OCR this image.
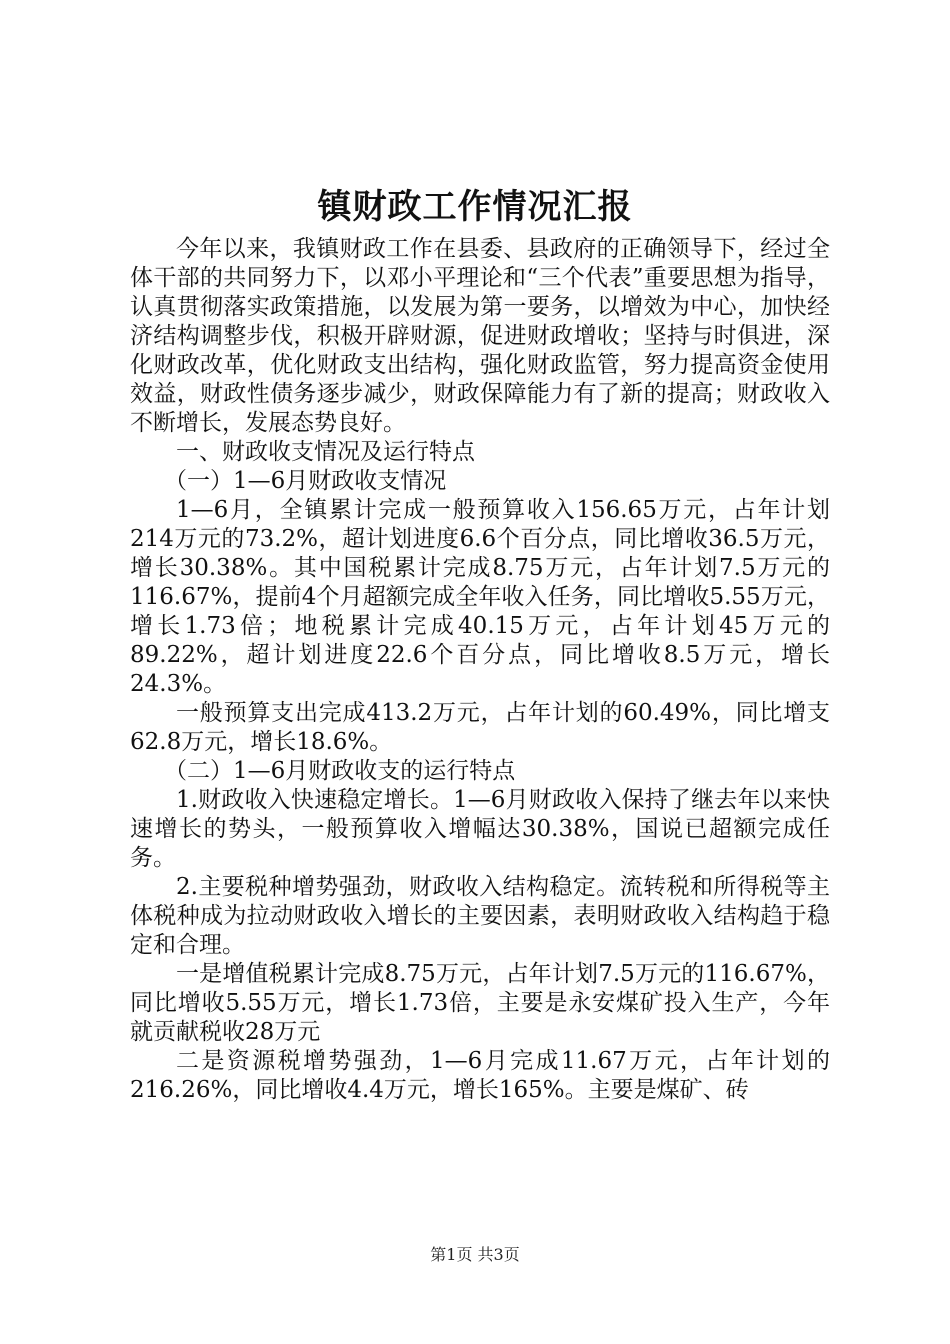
镇财政工作情况汇报

今年以来，我镇财政工作在县委、县政府的正确领导下，经过全体干部的共同努力下，以邓小平理论和“三个代表”重要思想为指导，认真贯彻落实政策措施，以发展为第一要务，以增效为中心，加快经济结构调整步伐，积极开辟财源，促进财政增收；坚持与时俱进，深化财政改革，优化财政支出结构，强化财政监管，努力提高资金使用效益，财政性债务逐步减少，财政保障能力有了新的提高；财政收入不断增长，发展态势良好。

一、财政收支情况及运行特点

（一）1—6月财政收支情况

1—6月，全镇累计完成一般预算收入156.65万元，占年计划214万元的73.2%，超计划进度6.6个百分点，同比增收36.5万元，增长30.38%。其中国税累计完成8.75万元，占年计划7.5万元的116.67%，提前4个月超额完成全年收入任务，同比增收5.55万元，增长1.73倍；地税累计完成40.15万元，占年计划45万元的89.22%，超计划进度22.6个百分点，同比增收8.5万元，增长24.3%。

一般预算支出完成413.2万元，占年计划的60.49%，同比增支62.8万元，增长18.6%。

（二）1—6月财政收支的运行特点

1.财政收入快速稳定增长。1—6月财政收入保持了继去年以来快速增长的势头，一般预算收入增幅达30.38%，国说已超额完成任务。

2.主要税种增势强劲，财政收入结构稳定。流转税和所得税等主体税种成为拉动财政收入增长的主要因素，表明财政收入结构趋于稳定和合理。

一是增值税累计完成8.75万元，占年计划7.5万元的116.67%，同比增收5.55万元，增长1.73倍，主要是永安煤矿投入生产，今年就贡献税收28万元

二是资源税增势强劲，1—6月完成11.67万元，占年计划的216.26%，同比增收4.4万元，增长165%。主要是煤矿、砖

第1页 共3页
